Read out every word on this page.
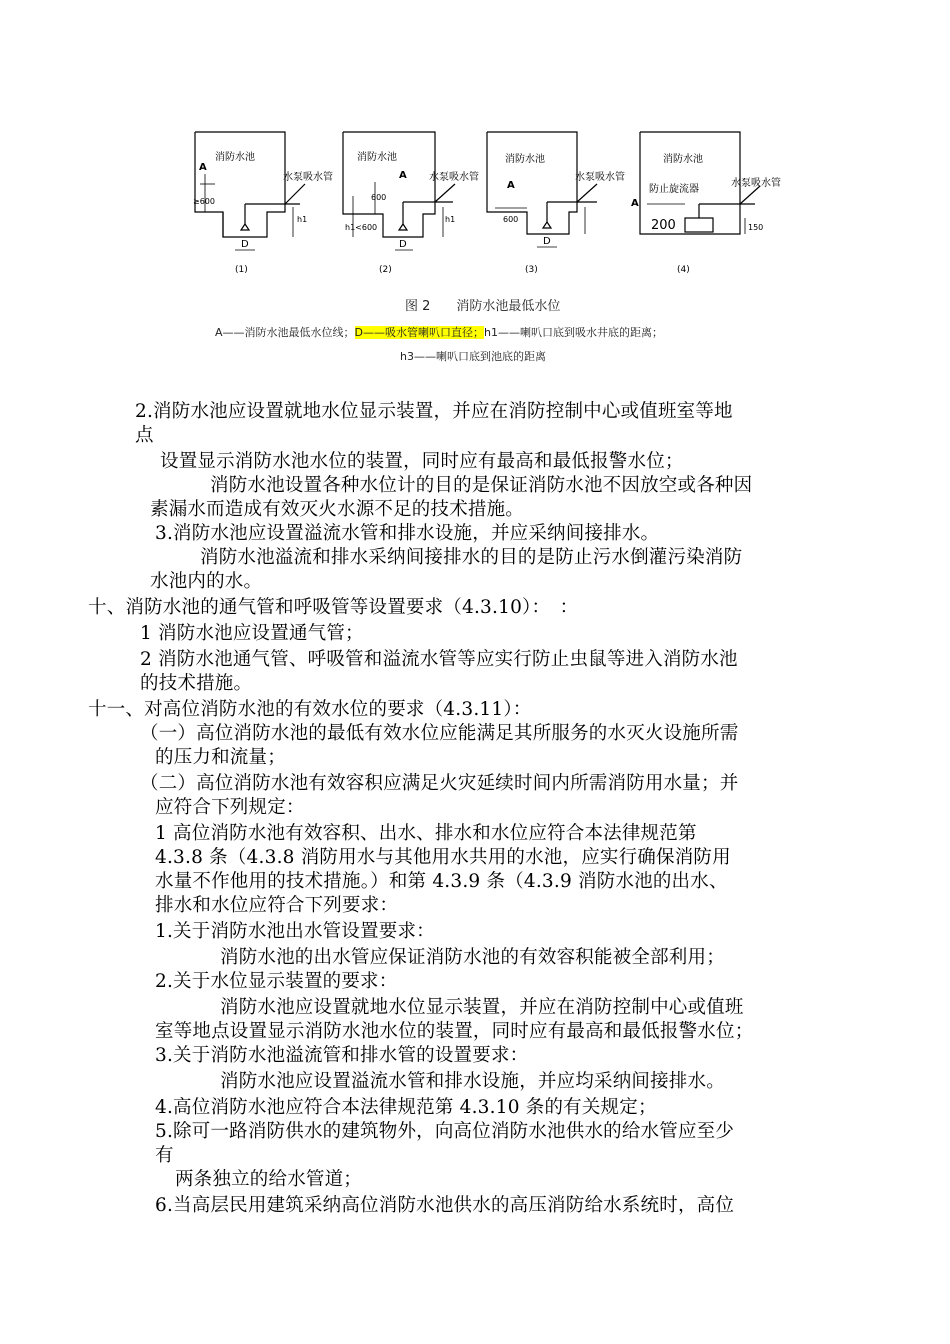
消防水池
水泵吸水管
A
≥600
h1
D
(1)
消防水池
水泵吸水管
A
600
h1<600
h1
D
(2)
消防水池
水泵吸水管
A
600
D
(3)
消防水池
水泵吸水管
A
防止旋流器
200	150
(4)
图 2　　消防水池最低水位
A——消防水池最低水位线；D——吸水管喇叭口直径；h1——喇叭口底到吸水井底的距离；
h3——喇叭口底到池底的距离
2.消防水池应设置就地水位显示装置，并应在消防控制中心或值班室等地
点
设置显示消防水池水位的装置，同时应有最高和最低报警水位；
消防水池设置各种水位计的目的是保证消防水池不因放空或各种因
素漏水而造成有效灭火水源不足的技术措施。
3.消防水池应设置溢流水管和排水设施，并应采纳间接排水。
消防水池溢流和排水采纳间接排水的目的是防止污水倒灌污染消防
水池内的水。
十、消防水池的通气管和呼吸管等设置要求（4.3.10）：　：
1 消防水池应设置通气管；
2 消防水池通气管、呼吸管和溢流水管等应实行防止虫鼠等进入消防水池
的技术措施。
十一、对高位消防水池的有效水位的要求（4.3.11）：
（一）高位消防水池的最低有效水位应能满足其所服务的水灭火设施所需
的压力和流量；
（二）高位消防水池有效容积应满足火灾延续时间内所需消防用水量；并
应符合下列规定：
1 高位消防水池有效容积、出水、排水和水位应符合本法律规范第
4.3.8 条（4.3.8 消防用水与其他用水共用的水池，应实行确保消防用
水量不作他用的技术措施。）和第 4.3.9 条（4.3.9 消防水池的出水、
排水和水位应符合下列要求：
1.关于消防水池出水管设置要求：
消防水池的出水管应保证消防水池的有效容积能被全部利用；
2.关于水位显示装置的要求：
消防水池应设置就地水位显示装置，并应在消防控制中心或值班
室等地点设置显示消防水池水位的装置，同时应有最高和最低报警水位；
3.关于消防水池溢流管和排水管的设置要求：
消防水池应设置溢流水管和排水设施，并应均采纳间接排水。
4.高位消防水池应符合本法律规范第 4.3.10 条的有关规定；
5.除可一路消防供水的建筑物外，向高位消防水池供水的给水管应至少
有
两条独立的给水管道；
6.当高层民用建筑采纳高位消防水池供水的高压消防给水系统时，高位
